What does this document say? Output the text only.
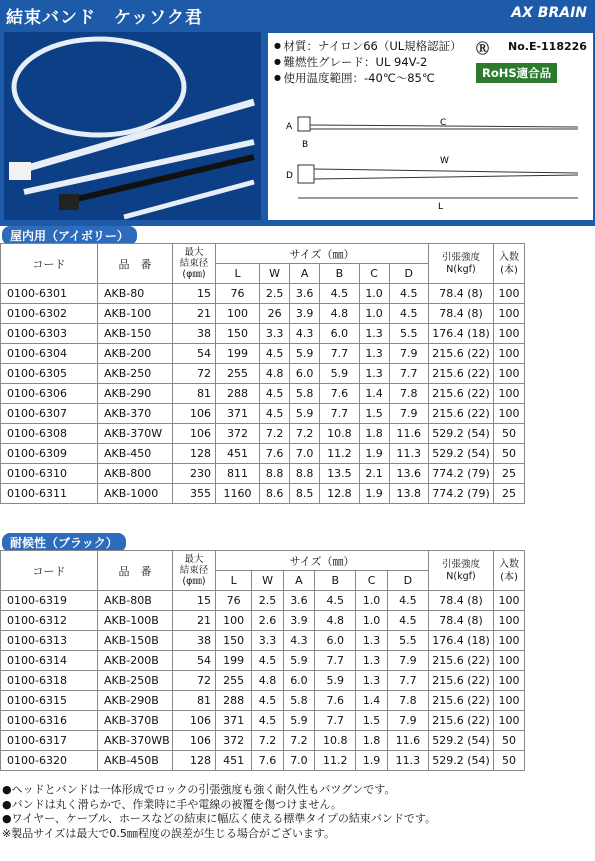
結束バンド　ケッソク君	AX BRAIN
● 材質：ナイロン66（UL規格認証）
● 難燃性グレード：UL 94V-2
● 使用温度範囲：-40℃〜85℃
Ⓡ No.E-118226
RoHS適合品
A
B
C
D
W
L
屋内用（アイボリー）
コード	品　番	最大
結束径
(φ㎜)	サイズ（㎜）						引張強度
N(kgf)	入数
(本)
			L	W	A	B	C	D		
0100-6301	AKB-80	15	76	2.5	3.6	4.5	1.0	4.5	78.4 (8)	100
0100-6302	AKB-100	21	100	26	3.9	4.8	1.0	4.5	78.4 (8)	100
0100-6303	AKB-150	38	150	3.3	4.3	6.0	1.3	5.5	176.4 (18)	100
0100-6304	AKB-200	54	199	4.5	5.9	7.7	1.3	7.9	215.6 (22)	100
0100-6305	AKB-250	72	255	4.8	6.0	5.9	1.3	7.7	215.6 (22)	100
0100-6306	AKB-290	81	288	4.5	5.8	7.6	1.4	7.8	215.6 (22)	100
0100-6307	AKB-370	106	371	4.5	5.9	7.7	1.5	7.9	215.6 (22)	100
0100-6308	AKB-370W	106	372	7.2	7.2	10.8	1.8	11.6	529.2 (54)	50
0100-6309	AKB-450	128	451	7.6	7.0	11.2	1.9	11.3	529.2 (54)	50
0100-6310	AKB-800	230	811	8.8	8.8	13.5	2.1	13.6	774.2 (79)	25
0100-6311	AKB-1000	355	1160	8.6	8.5	12.8	1.9	13.8	774.2 (79)	25
耐候性（ブラック）
コード	品　番	最大
結束径
(φ㎜)	サイズ（㎜）						引張強度
N(kgf)	入数
(本)
			L	W	A	B	C	D		
0100-6319	AKB-80B	15	76	2.5	3.6	4.5	1.0	4.5	78.4 (8)	100
0100-6312	AKB-100B	21	100	2.6	3.9	4.8	1.0	4.5	78.4 (8)	100
0100-6313	AKB-150B	38	150	3.3	4.3	6.0	1.3	5.5	176.4 (18)	100
0100-6314	AKB-200B	54	199	4.5	5.9	7.7	1.3	7.9	215.6 (22)	100
0100-6318	AKB-250B	72	255	4.8	6.0	5.9	1.3	7.7	215.6 (22)	100
0100-6315	AKB-290B	81	288	4.5	5.8	7.6	1.4	7.8	215.6 (22)	100
0100-6316	AKB-370B	106	371	4.5	5.9	7.7	1.5	7.9	215.6 (22)	100
0100-6317	AKB-370WB	106	372	7.2	7.2	10.8	1.8	11.6	529.2 (54)	50
0100-6320	AKB-450B	128	451	7.6	7.0	11.2	1.9	11.3	529.2 (54)	50
●ヘッドとバンドは一体形成でロックの引張強度も強く耐久性もバツグンです。
●バンドは丸く滑らかで、作業時に手や電線の被覆を傷つけません。
●ワイヤー、ケーブル、ホースなどの結束に幅広く使える標準タイプの結束バンドです。
※製品サイズは最大で0.5㎜程度の誤差が生じる場合がございます。
